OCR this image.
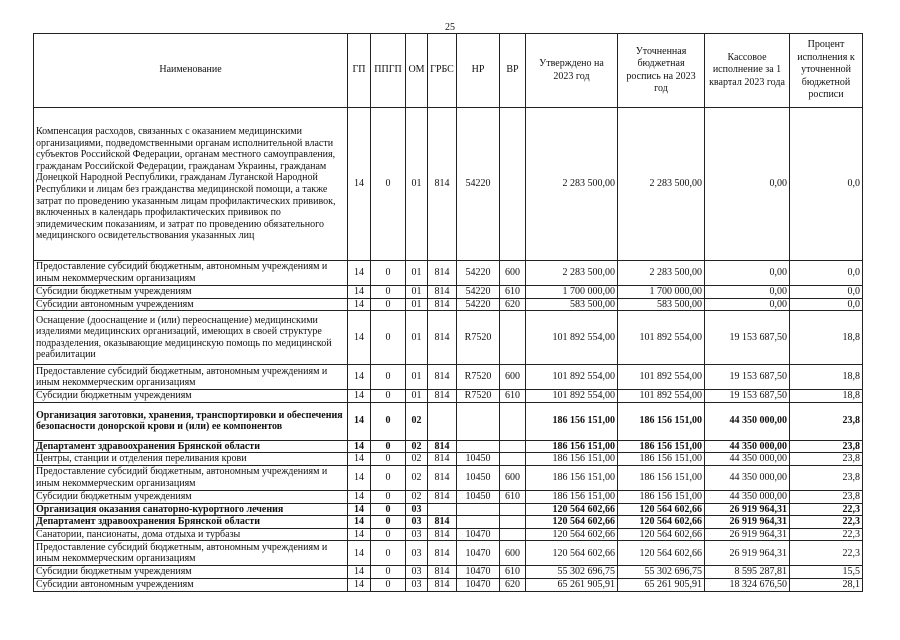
25
Наименование	ГП	ППГП	ОМ	ГРБС	НР	ВР	Утверждено на 2023 год	Уточненная бюджетная роспись на 2023 год	Кассовое исполнение за 1 квартал 2023 года	Процент исполнения к уточненной бюджетной росписи
Компенсация расходов, связанных с оказанием медицинскими организациями, подведомственными органам исполнительной власти субъектов Российской Федерации, органам местного самоуправления, гражданам Российской Федерации, гражданам Украины, гражданам Донецкой Народной Республики, гражданам Луганской Народной Республики и лицам без гражданства медицинской помощи, а также затрат по проведению указанным лицам профилактических прививок, включенных в календарь профилактических прививок по эпидемическим показаниям, и затрат по проведению обязательного медицинского освидетельствования указанных лиц	14	0	01	814	54220		2 283 500,00	2 283 500,00	0,00	0,0
Предоставление субсидий бюджетным, автономным учреждениям и иным некоммерческим организациям	14	0	01	814	54220	600	2 283 500,00	2 283 500,00	0,00	0,0
Субсидии бюджетным учреждениям	14	0	01	814	54220	610	1 700 000,00	1 700 000,00	0,00	0,0
Субсидии автономным учреждениям	14	0	01	814	54220	620	583 500,00	583 500,00	0,00	0,0
Оснащение (дооснащение и (или) переоснащение) медицинскими изделиями медицинских организаций, имеющих в своей структуре подразделения, оказывающие медицинскую помощь по медицинской реабилитации	14	0	01	814	R7520		101 892 554,00	101 892 554,00	19 153 687,50	18,8
Предоставление субсидий бюджетным, автономным учреждениям и иным некоммерческим организациям	14	0	01	814	R7520	600	101 892 554,00	101 892 554,00	19 153 687,50	18,8
Субсидии бюджетным учреждениям	14	0	01	814	R7520	610	101 892 554,00	101 892 554,00	19 153 687,50	18,8
Организация заготовки, хранения, транспортировки и обеспечения безопасности донорской крови и (или) ее компонентов	14	0	02				186 156 151,00	186 156 151,00	44 350 000,00	23,8
Департамент здравоохранения Брянской области	14	0	02	814			186 156 151,00	186 156 151,00	44 350 000,00	23,8
Центры, станции и отделения переливания крови	14	0	02	814	10450		186 156 151,00	186 156 151,00	44 350 000,00	23,8
Предоставление субсидий бюджетным, автономным учреждениям и иным некоммерческим организациям	14	0	02	814	10450	600	186 156 151,00	186 156 151,00	44 350 000,00	23,8
Субсидии бюджетным учреждениям	14	0	02	814	10450	610	186 156 151,00	186 156 151,00	44 350 000,00	23,8
Организация оказания санаторно-курортного лечения	14	0	03				120 564 602,66	120 564 602,66	26 919 964,31	22,3
Департамент здравоохранения Брянской области	14	0	03	814			120 564 602,66	120 564 602,66	26 919 964,31	22,3
Санатории, пансионаты, дома отдыха и турбазы	14	0	03	814	10470		120 564 602,66	120 564 602,66	26 919 964,31	22,3
Предоставление субсидий бюджетным, автономным учреждениям и иным некоммерческим организациям	14	0	03	814	10470	600	120 564 602,66	120 564 602,66	26 919 964,31	22,3
Субсидии бюджетным учреждениям	14	0	03	814	10470	610	55 302 696,75	55 302 696,75	8 595 287,81	15,5
Субсидии автономным учреждениям	14	0	03	814	10470	620	65 261 905,91	65 261 905,91	18 324 676,50	28,1
